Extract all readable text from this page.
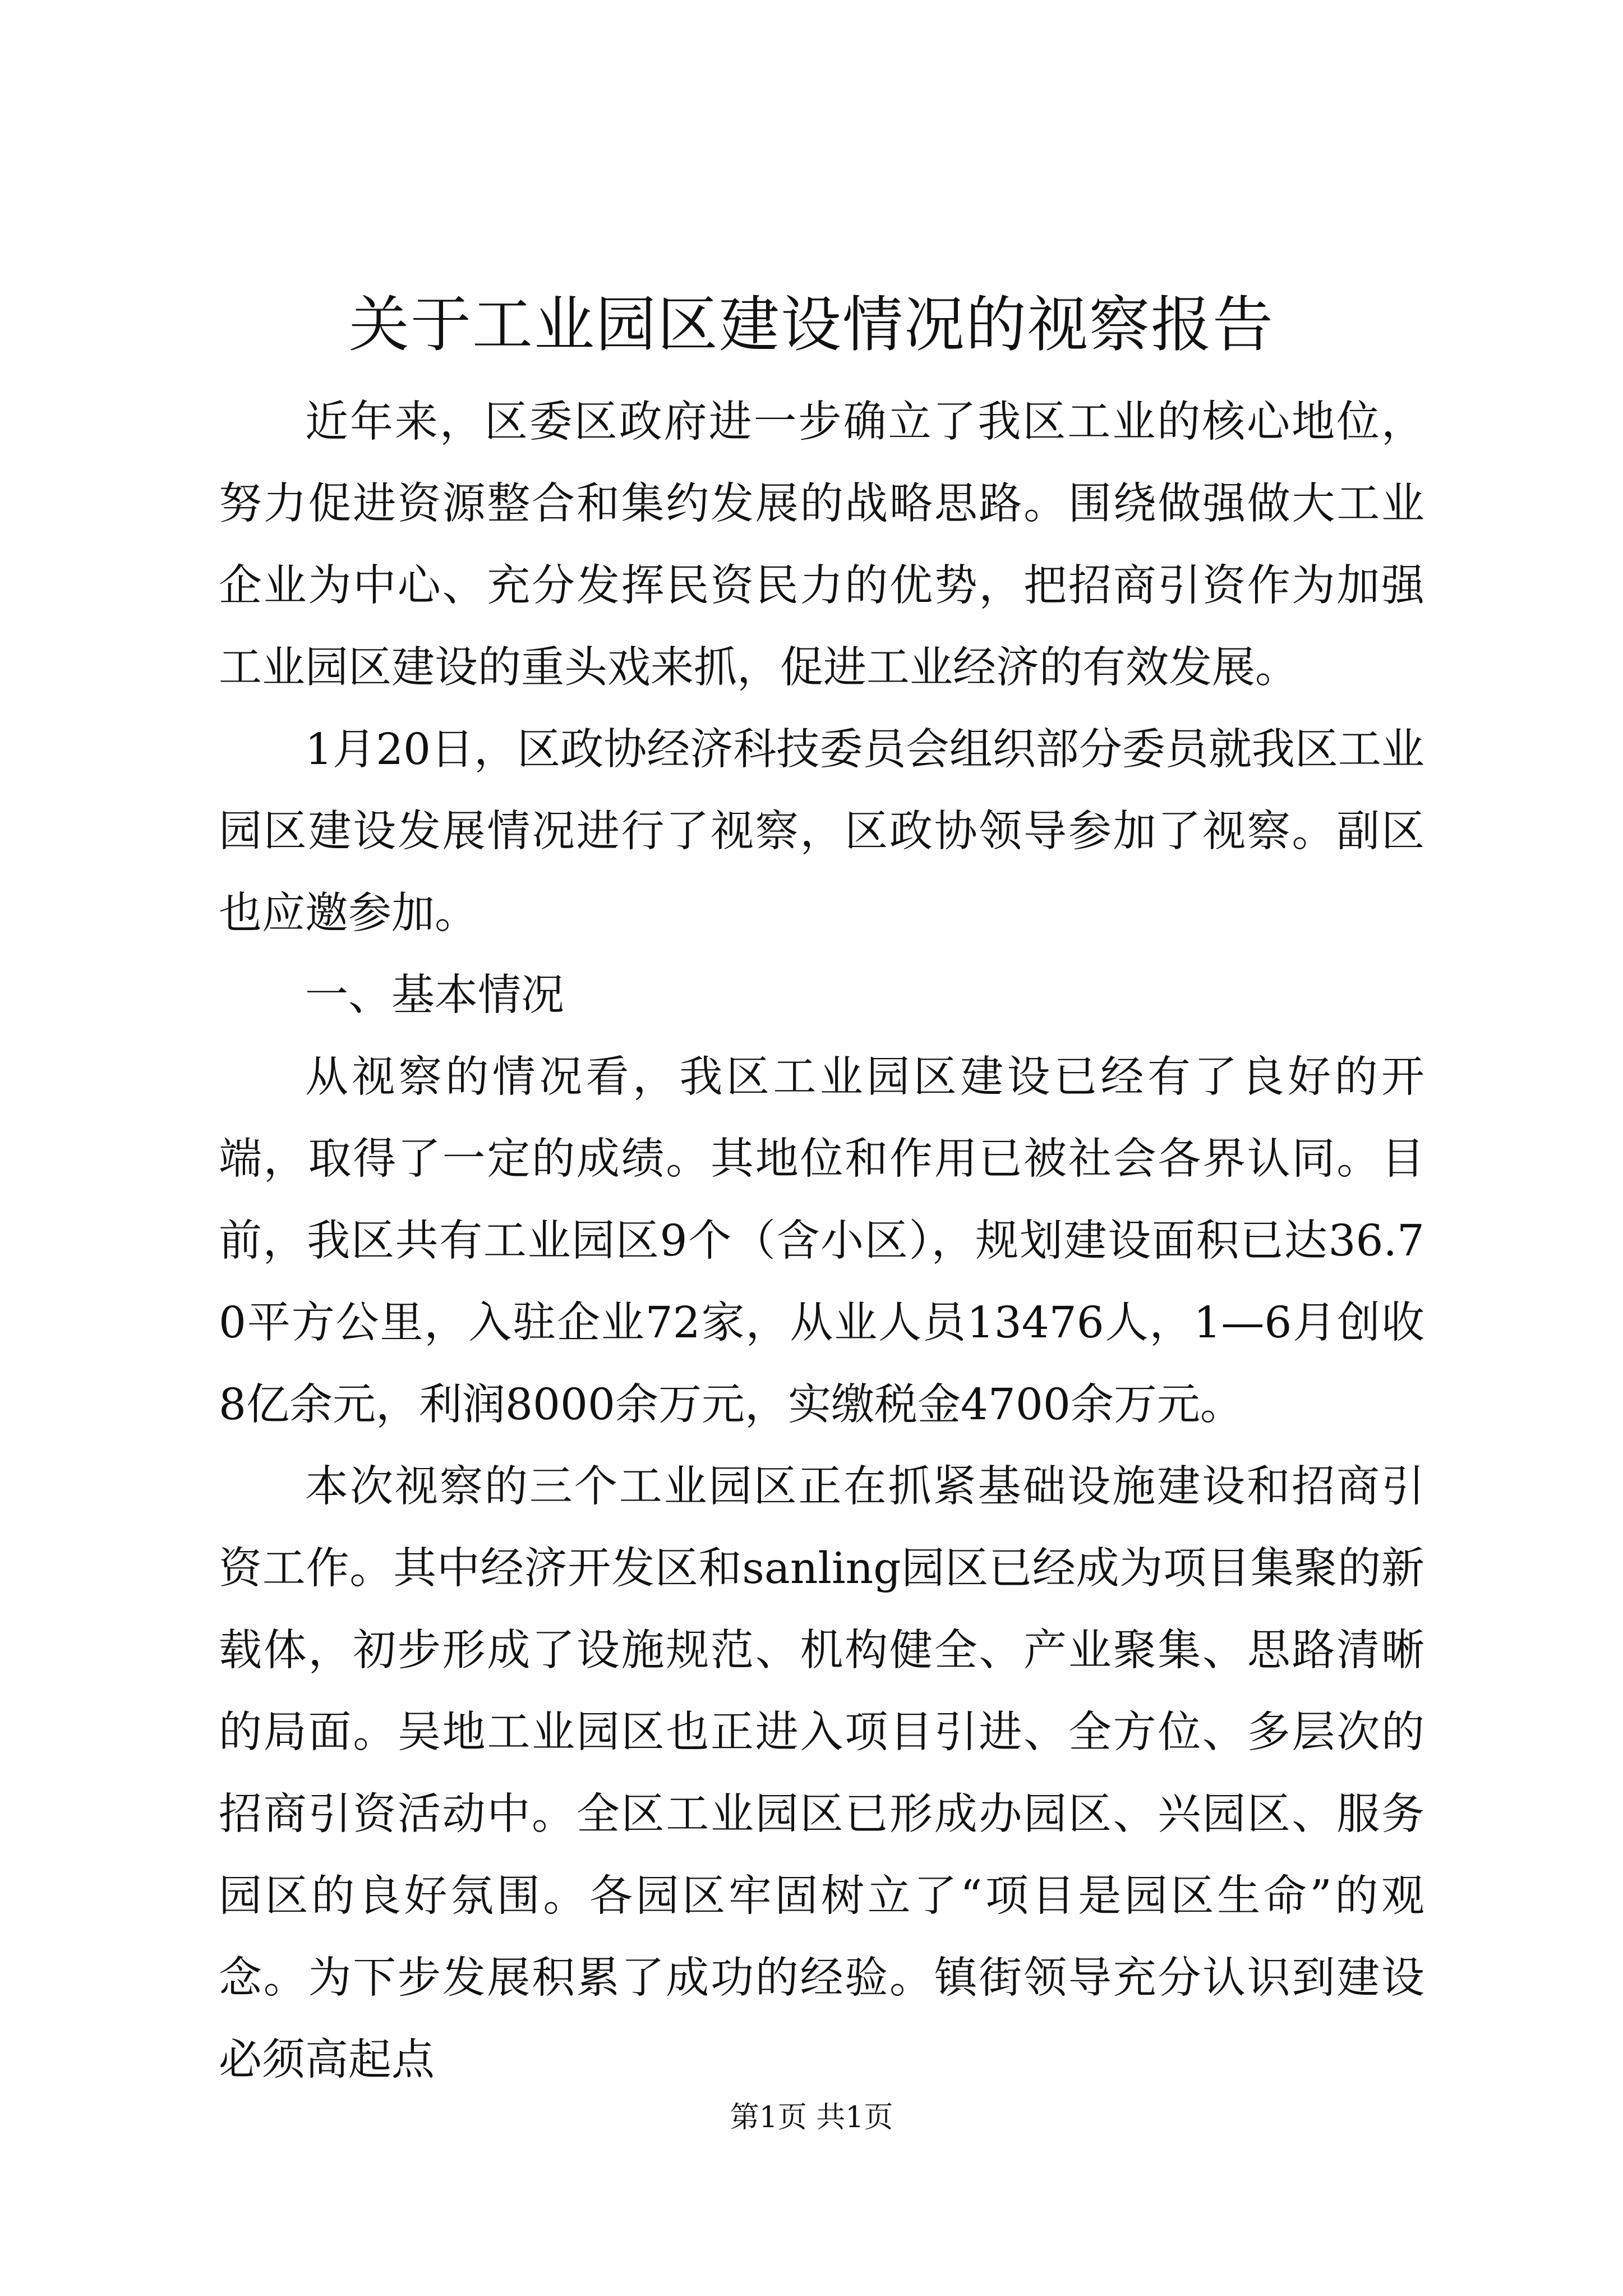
关于工业园区建设情况的视察报告

近年来，区委区政府进一步确立了我区工业的核心地位，努力促进资源整合和集约发展的战略思路。围绕做强做大工业企业为中心、充分发挥民资民力的优势，把招商引资作为加强工业园区建设的重头戏来抓，促进工业经济的有效发展。

1月20日，区政协经济科技委员会组织部分委员就我区工业园区建设发展情况进行了视察，区政协领导参加了视察。副区也应邀参加。

一、基本情况

从视察的情况看，我区工业园区建设已经有了良好的开端，取得了一定的成绩。其地位和作用已被社会各界认同。目前，我区共有工业园区9个（含小区），规划建设面积已达36.70平方公里，入驻企业72家，从业人员13476人，1—6月创收8亿余元，利润8000余万元，实缴税金4700余万元。

本次视察的三个工业园区正在抓紧基础设施建设和招商引资工作。其中经济开发区和sanling园区已经成为项目集聚的新载体，初步形成了设施规范、机构健全、产业聚集、思路清晰的局面。吴地工业园区也正进入项目引进、全方位、多层次的招商引资活动中。全区工业园区已形成办园区、兴园区、服务园区的良好氛围。各园区牢固树立了“项目是园区生命”的观念。为下步发展积累了成功的经验。镇街领导充分认识到建设必须高起点

第1页 共1页
